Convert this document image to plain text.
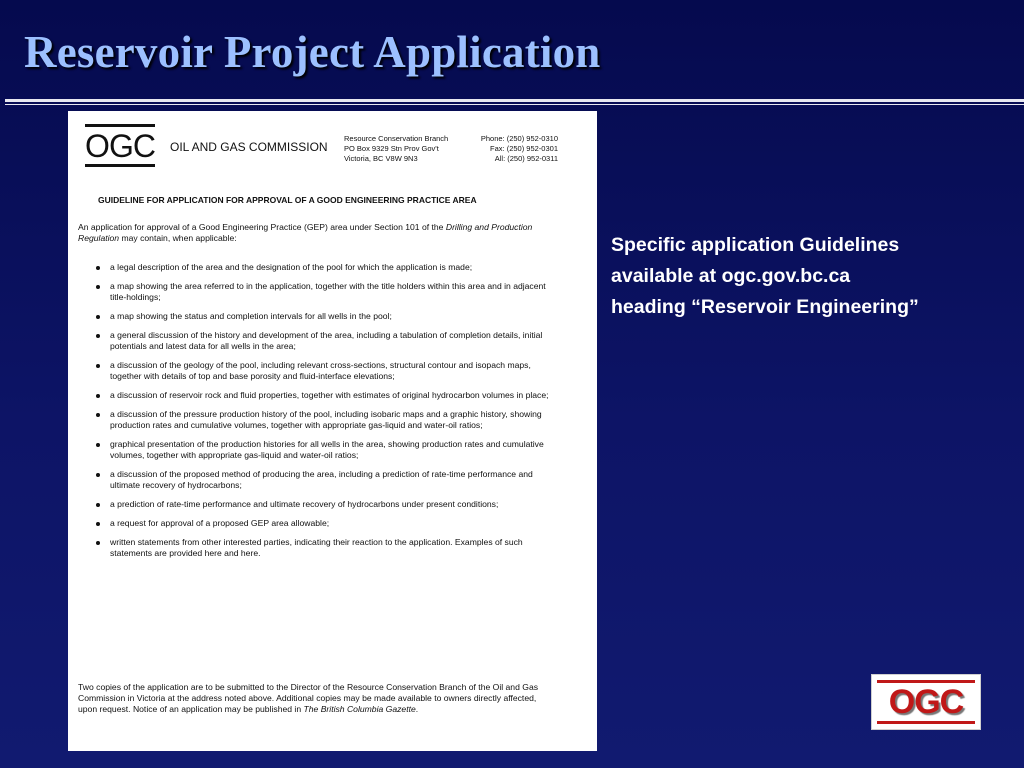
Reservoir Project Application
OGC OIL AND GAS COMMISSION
Resource Conservation Branch
PO Box 9329 Stn Prov Gov't
Victoria, BC V8W 9N3
Phone: (250) 952-0310
Fax: (250) 952-0301
All: (250) 952-0311
GUIDELINE FOR APPLICATION FOR APPROVAL OF A GOOD ENGINEERING PRACTICE AREA
An application for approval of a Good Engineering Practice (GEP) area under Section 101 of the Drilling and Production Regulation may contain, when applicable:
a legal description of the area and the designation of the pool for which the application is made;
a map showing the area referred to in the application, together with the title holders within this area and in adjacent title-holdings;
a map showing the status and completion intervals for all wells in the pool;
a general discussion of the history and development of the area, including a tabulation of completion details, initial potentials and latest data for all wells in the area;
a discussion of the geology of the pool, including relevant cross-sections, structural contour and isopach maps, together with details of top and base porosity and fluid-interface elevations;
a discussion of reservoir rock and fluid properties, together with estimates of original hydrocarbon volumes in place;
a discussion of the pressure production history of the pool, including isobaric maps and a graphic history, showing production rates and cumulative volumes, together with appropriate gas-liquid and water-oil ratios;
graphical presentation of the production histories for all wells in the area, showing production rates and cumulative volumes, together with appropriate gas-liquid and water-oil ratios;
a discussion of the proposed method of producing the area, including a prediction of rate-time performance and ultimate recovery of hydrocarbons;
a prediction of rate-time performance and ultimate recovery of hydrocarbons under present conditions;
a request for approval of a proposed GEP area allowable;
written statements from other interested parties, indicating their reaction to the application. Examples of such statements are provided here and here.
Two copies of the application are to be submitted to the Director of the Resource Conservation Branch of the Oil and Gas Commission in Victoria at the address noted above. Additional copies may be made available to owners directly affected, upon request. Notice of an application may be published in The British Columbia Gazette.
Specific application Guidelines
available at ogc.gov.bc.ca
heading “Reservoir Engineering”
OGC
